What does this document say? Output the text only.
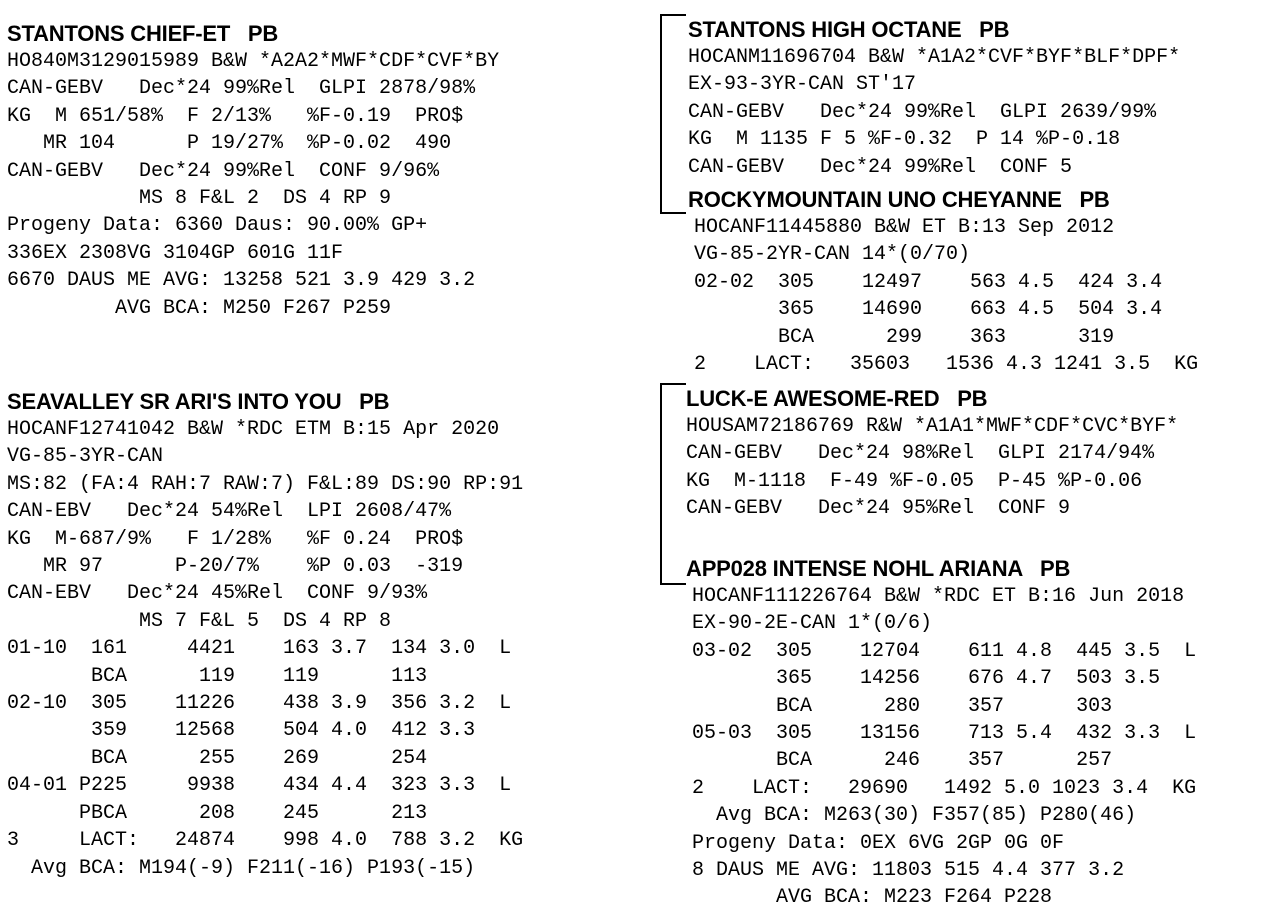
STANTONS CHIEF-ET   PB
HO840M3129015989 B&W *A2A2*MWF*CDF*CVF*BY
CAN-GEBV   Dec*24 99%Rel  GLPI 2878/98%
KG  M 651/58%  F 2/13%   %F-0.19  PRO$
MR 104      P 19/27%  %P-0.02  490
CAN-GEBV   Dec*24 99%Rel  CONF 9/96%
MS 8 F&L 2  DS 4 RP 9
Progeny Data: 6360 Daus: 90.00% GP+
336EX 2308VG 3104GP 601G 11F
6670 DAUS ME AVG: 13258 521 3.9 429 3.2
AVG BCA: M250 F267 P259
SEAVALLEY SR ARI'S INTO YOU   PB
HOCANF12741042 B&W *RDC ETM B:15 Apr 2020
VG-85-3YR-CAN
MS:82 (FA:4 RAH:7 RAW:7) F&L:89 DS:90 RP:91
CAN-EBV   Dec*24 54%Rel  LPI 2608/47%
KG  M-687/9%   F 1/28%   %F 0.24  PRO$
MR 97      P-20/7%    %P 0.03  -319
CAN-EBV   Dec*24 45%Rel  CONF 9/93%
MS 7 F&L 5  DS 4 RP 8
01-10  161     4421    163 3.7  134 3.0  L
BCA      119    119      113
02-10  305    11226    438 3.9  356 3.2  L
359    12568    504 4.0  412 3.3
BCA      255    269      254
04-01 P225     9938    434 4.4  323 3.3  L
PBCA      208    245      213
3     LACT:   24874    998 4.0  788 3.2  KG
Avg BCA: M194(-9) F211(-16) P193(-15)
STANTONS HIGH OCTANE   PB
HOCANM11696704 B&W *A1A2*CVF*BYF*BLF*DPF*
EX-93-3YR-CAN ST'17
CAN-GEBV   Dec*24 99%Rel  GLPI 2639/99%
KG  M 1135 F 5 %F-0.32  P 14 %P-0.18
CAN-GEBV   Dec*24 99%Rel  CONF 5
ROCKYMOUNTAIN UNO CHEYANNE   PB
HOCANF11445880 B&W ET B:13 Sep 2012
VG-85-2YR-CAN 14*(0/70)
02-02  305    12497    563 4.5  424 3.4
365    14690    663 4.5  504 3.4
BCA      299    363      319
2    LACT:   35603   1536 4.3 1241 3.5  KG
LUCK-E AWESOME-RED   PB
HOUSAM72186769 R&W *A1A1*MWF*CDF*CVC*BYF*
CAN-GEBV   Dec*24 98%Rel  GLPI 2174/94%
KG  M-1118  F-49 %F-0.05  P-45 %P-0.06
CAN-GEBV   Dec*24 95%Rel  CONF 9
APP028 INTENSE NOHL ARIANA   PB
HOCANF111226764 B&W *RDC ET B:16 Jun 2018
EX-90-2E-CAN 1*(0/6)
03-02  305    12704    611 4.8  445 3.5  L
365    14256    676 4.7  503 3.5
BCA      280    357      303
05-03  305    13156    713 5.4  432 3.3  L
BCA      246    357      257
2    LACT:   29690   1492 5.0 1023 3.4  KG
Avg BCA: M263(30) F357(85) P280(46)
Progeny Data: 0EX 6VG 2GP 0G 0F
8 DAUS ME AVG: 11803 515 4.4 377 3.2
AVG BCA: M223 F264 P228
